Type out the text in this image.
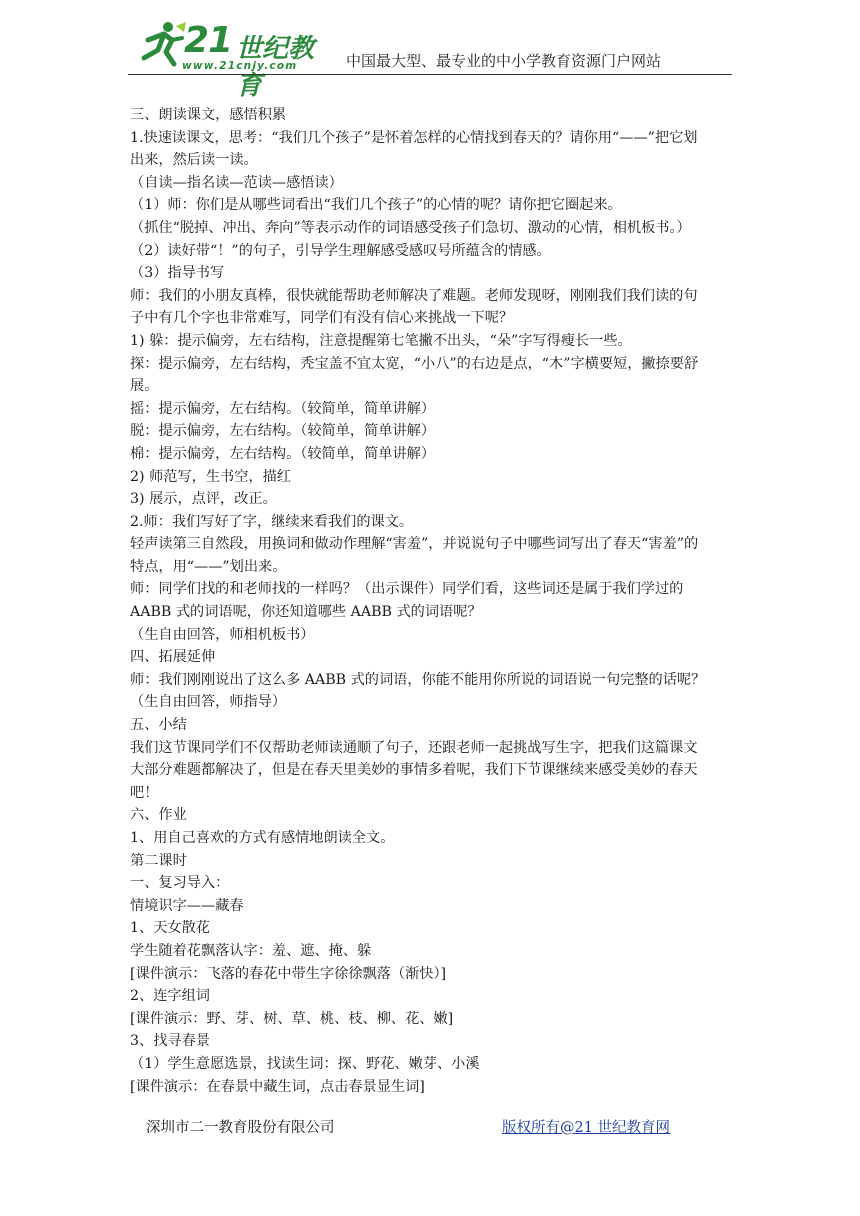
21 世纪教育
www.21cnjy.com	中国最大型、最专业的中小学教育资源门户网站
三、朗读课文，感悟积累
1.快速读课文，思考：“我们几个孩子”是怀着怎样的心情找到春天的？请你用“——”把它划
出来，然后读一读。
（自读—指名读—范读—感悟读）
（1）师：你们是从哪些词看出“我们几个孩子”的心情的呢？请你把它圈起来。
（抓住“脱掉、冲出、奔向”等表示动作的词语感受孩子们急切、激动的心情，相机板书。）
（2）读好带“！”的句子，引导学生理解感受感叹号所蕴含的情感。
（3）指导书写
师：我们的小朋友真棒，很快就能帮助老师解决了难题。老师发现呀，刚刚我们我们读的句
子中有几个字也非常难写，同学们有没有信心来挑战一下呢？
1) 躲：提示偏旁，左右结构，注意提醒第七笔撇不出头，“朵”字写得瘦长一些。
探：提示偏旁，左右结构，秃宝盖不宜太宽，“小八”的右边是点，“木”字横要短，撇捺要舒
展。
摇：提示偏旁，左右结构。（较简单，简单讲解）
脱：提示偏旁，左右结构。（较简单，简单讲解）
棉：提示偏旁，左右结构。（较简单，简单讲解）
2) 师范写，生书空，描红
3) 展示，点评，改正。
2.师：我们写好了字，继续来看我们的课文。
轻声读第三自然段，用换词和做动作理解“害羞”，并说说句子中哪些词写出了春天“害羞”的
特点，用“——”划出来。
师：同学们找的和老师找的一样吗？（出示课件）同学们看，这些词还是属于我们学过的
AABB 式的词语呢，你还知道哪些 AABB 式的词语呢？
（生自由回答，师相机板书）
四、拓展延伸
师：我们刚刚说出了这么多 AABB 式的词语，你能不能用你所说的词语说一句完整的话呢？
（生自由回答，师指导）
五、小结
我们这节课同学们不仅帮助老师读通顺了句子，还跟老师一起挑战写生字，把我们这篇课文
大部分难题都解决了，但是在春天里美妙的事情多着呢，我们下节课继续来感受美妙的春天
吧！
六、作业
1、用自己喜欢的方式有感情地朗读全文。
第二课时
一、复习导入：
情境识字——藏春
1、天女散花
学生随着花飘落认字：羞、遮、掩、躲
[课件演示：飞落的春花中带生字徐徐飘落（渐快）]
2、连字组词
[课件演示：野、芽、树、草、桃、枝、柳、花、嫩]
3、找寻春景
（1）学生意愿选景，找读生词：探、野花、嫩芽、小溪
[课件演示：在春景中藏生词，点击春景显生词]
深圳市二一教育股份有限公司	版权所有@21 世纪教育网
